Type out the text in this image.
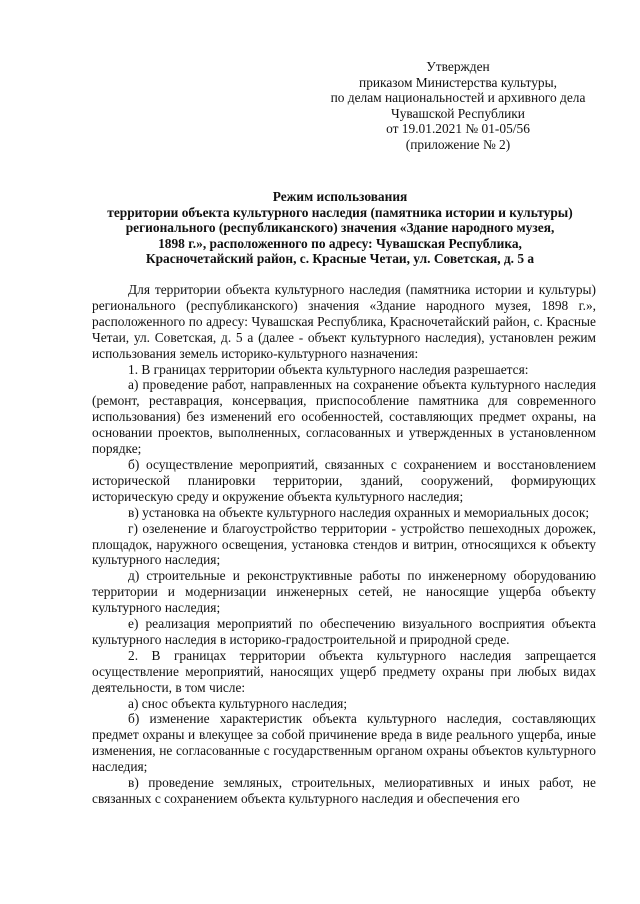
Утвержден
приказом Министерства культуры,
по делам национальностей и архивного дела
Чувашской Республики
от 19.01.2021 № 01-05/56
(приложение № 2)
Режим использования
территории объекта культурного наследия (памятника истории и культуры)
регионального (республиканского) значения «Здание народного музея,
1898 г.», расположенного по адресу: Чувашская Республика,
Красночетайский район, с. Красные Четаи, ул. Советская, д. 5 а

Для территории объекта культурного наследия (памятника истории и культуры) регионального (республиканского) значения «Здание народного музея, 1898 г.», расположенного по адресу: Чувашская Республика, Красночетайский район, с. Красные Четаи, ул. Советская, д. 5 а (далее - объект культурного наследия), установлен режим использования земель историко-культурного назначения:

1. В границах территории объекта культурного наследия разрешается:

а) проведение работ, направленных на сохранение объекта культурного наследия (ремонт, реставрация, консервация, приспособление памятника для современного использования) без изменений его особенностей, составляющих предмет охраны, на основании проектов, выполненных, согласованных и утвержденных в установленном порядке;

б) осуществление мероприятий, связанных с сохранением и восстановлением исторической планировки территории, зданий, сооружений, формирующих историческую среду и окружение объекта культурного наследия;

в) установка на объекте культурного наследия охранных и мемориальных досок;

г) озеленение и благоустройство территории - устройство пешеходных дорожек, площадок, наружного освещения, установка стендов и витрин, относящихся к объекту культурного наследия;

д) строительные и реконструктивные работы по инженерному оборудованию территории и модернизации инженерных сетей, не наносящие ущерба объекту культурного наследия;

е) реализация мероприятий по обеспечению визуального восприятия объекта культурного наследия в историко-градостроительной и природной среде.

2. В границах территории объекта культурного наследия запрещается осуществление мероприятий, наносящих ущерб предмету охраны при любых видах деятельности, в том числе:

а) снос объекта культурного наследия;

б) изменение характеристик объекта культурного наследия, составляющих предмет охраны и влекущее за собой причинение вреда в виде реального ущерба, иные изменения, не согласованные с государственным органом охраны объектов культурного наследия;

в) проведение земляных, строительных, мелиоративных и иных работ, не связанных с сохранением объекта культурного наследия и обеспечения его
